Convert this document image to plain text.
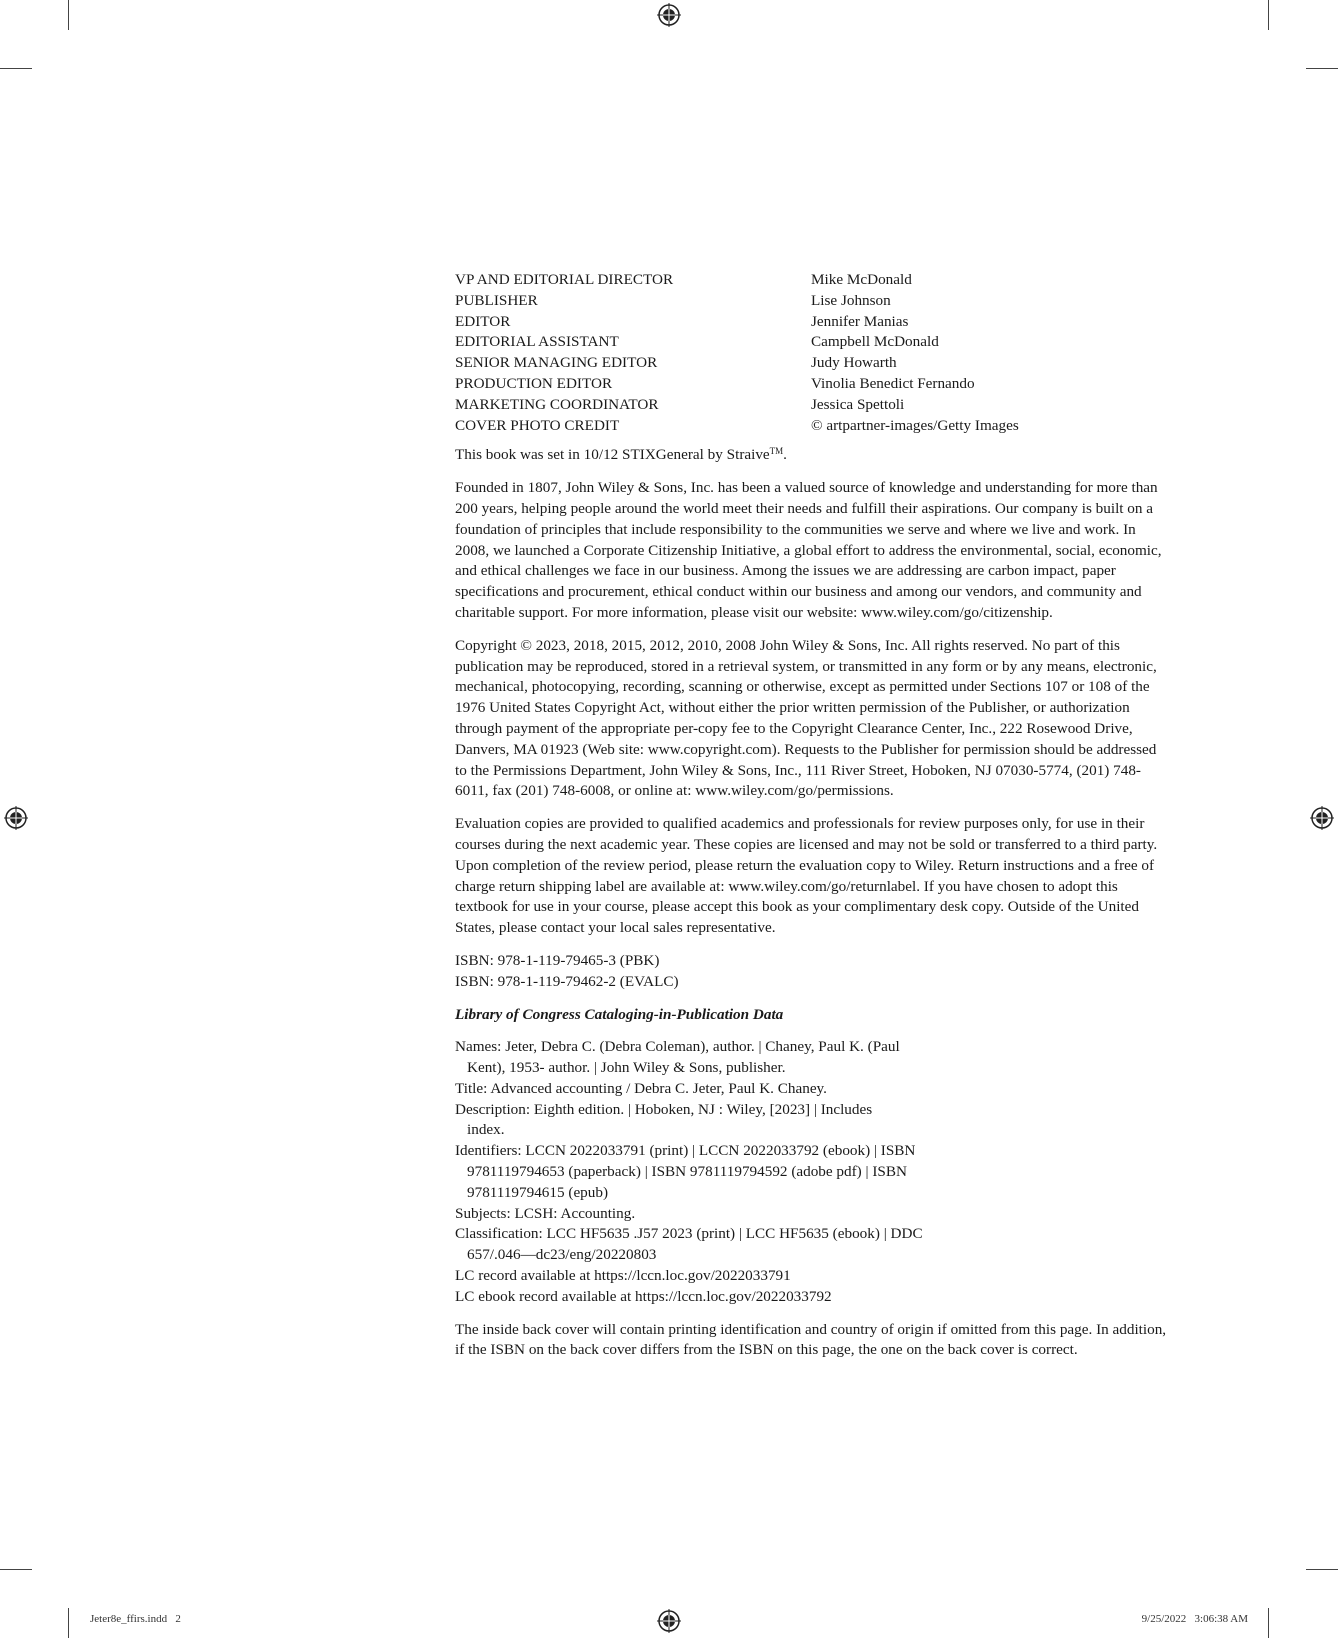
VP AND EDITORIAL DIRECTOR	Mike McDonald
PUBLISHER	Lise Johnson
EDITOR	Jennifer Manias
EDITORIAL ASSISTANT	Campbell McDonald
SENIOR MANAGING EDITOR	Judy Howarth
PRODUCTION EDITOR	Vinolia Benedict Fernando
MARKETING COORDINATOR	Jessica Spettoli
COVER PHOTO CREDIT	© artpartner-images/Getty Images

This book was set in 10/12 STIXGeneral by Straive™.

Founded in 1807, John Wiley & Sons, Inc. has been a valued source of knowledge and understanding for more than 200 years, helping people around the world meet their needs and fulfill their aspirations. Our company is built on a foundation of principles that include responsibility to the communities we serve and where we live and work. In 2008, we launched a Corporate Citizenship Initiative, a global effort to address the environmental, social, economic, and ethical challenges we face in our business. Among the issues we are addressing are carbon impact, paper specifications and procurement, ethical conduct within our business and among our vendors, and community and charitable support. For more information, please visit our website: www.wiley.com/go/citizenship.

Copyright © 2023, 2018, 2015, 2012, 2010, 2008 John Wiley & Sons, Inc. All rights reserved. No part of this publication may be reproduced, stored in a retrieval system, or transmitted in any form or by any means, electronic, mechanical, photocopying, recording, scanning or otherwise, except as permitted under Sections 107 or 108 of the 1976 United States Copyright Act, without either the prior written permission of the Publisher, or authorization through payment of the appropriate per-copy fee to the Copyright Clearance Center, Inc., 222 Rosewood Drive, Danvers, MA 01923 (Web site: www.copyright.com). Requests to the Publisher for permission should be addressed to the Permissions Department, John Wiley & Sons, Inc., 111 River Street, Hoboken, NJ 07030-5774, (201) 748-6011, fax (201) 748-6008, or online at: www.wiley.com/go/permissions.

Evaluation copies are provided to qualified academics and professionals for review purposes only, for use in their courses during the next academic year. These copies are licensed and may not be sold or transferred to a third party. Upon completion of the review period, please return the evaluation copy to Wiley. Return instructions and a free of charge return shipping label are available at: www.wiley.com/go/returnlabel. If you have chosen to adopt this textbook for use in your course, please accept this book as your complimentary desk copy. Outside of the United States, please contact your local sales representative.

ISBN: 978-1-119-79465-3 (PBK)
ISBN: 978-1-119-79462-2 (EVALC)
Library of Congress Cataloging-in-Publication Data
Names: Jeter, Debra C. (Debra Coleman), author. | Chaney, Paul K. (Paul Kent), 1953- author. | John Wiley & Sons, publisher.
Title: Advanced accounting / Debra C. Jeter, Paul K. Chaney.
Description: Eighth edition. | Hoboken, NJ : Wiley, [2023] | Includes index.
Identifiers: LCCN 2022033791 (print) | LCCN 2022033792 (ebook) | ISBN 9781119794653 (paperback) | ISBN 9781119794592 (adobe pdf) | ISBN 9781119794615 (epub)
Subjects: LCSH: Accounting.
Classification: LCC HF5635 .J57 2023 (print) | LCC HF5635 (ebook) | DDC 657/.046—dc23/eng/20220803
LC record available at https://lccn.loc.gov/2022033791
LC ebook record available at https://lccn.loc.gov/2022033792

The inside back cover will contain printing identification and country of origin if omitted from this page. In addition, if the ISBN on the back cover differs from the ISBN on this page, the one on the back cover is correct.

Jeter8e_ffirs.indd   2	9/25/2022   3:06:38 AM
